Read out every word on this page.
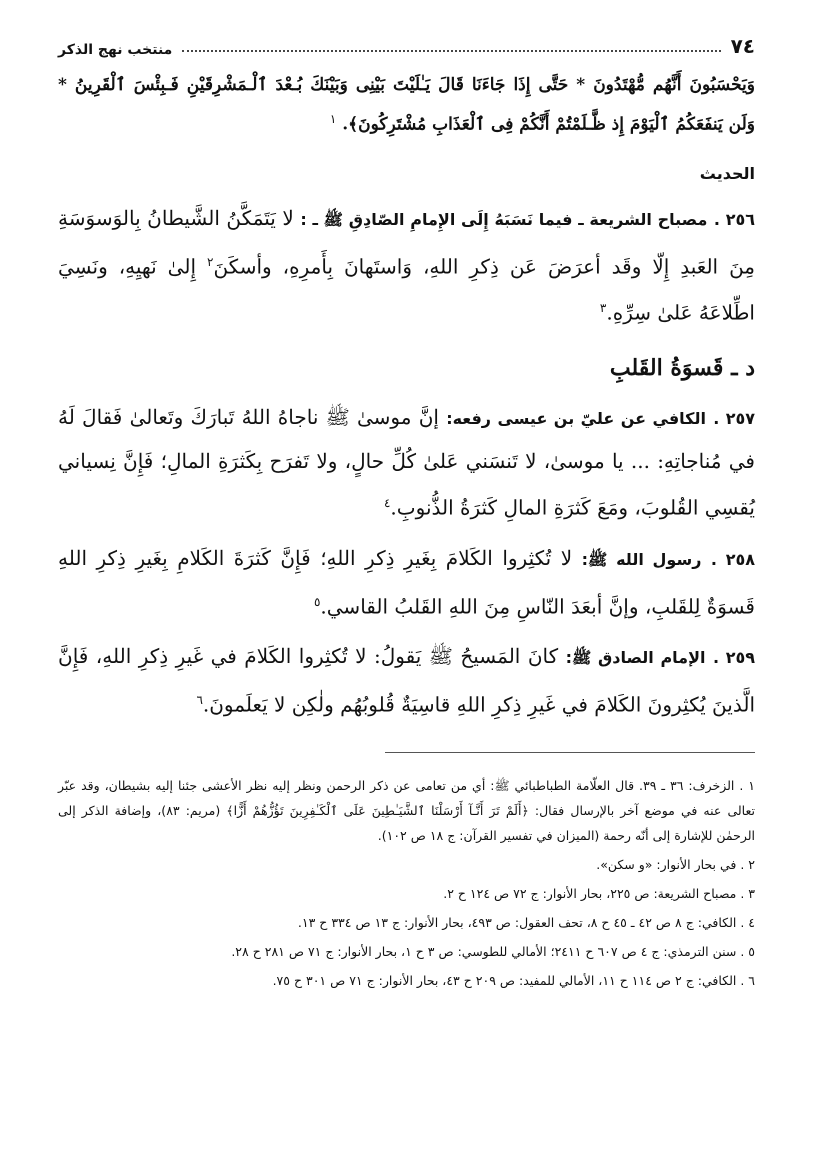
٧٤
منتخب نهج الذكر

وَيَحْسَبُونَ أَنَّهُم مُّهْتَدُونَ * حَتَّى إِذَا جَاءَنَا قَالَ يَـٰلَيْتَ بَيْنِى وَبَيْنَكَ بُـعْدَ ٱلْـمَشْرِقَيْنِ فَـبِئْسَ ٱلْقَرِينُ * وَلَن يَنفَعَكُمُ ٱلْيَوْمَ إِذ ظَّـلَمْتُمْ أَنَّكُمْ فِى ٱلْعَذَابِ مُشْتَرِكُونَ﴾. $^١$

الحديث

٢٥٦ . مصباح الشريعة ـ فيما نَسَبَهُ إِلَى الإِمامِ الصّادِقِ ﷺ ـ : لا يَتَمَكَّنُ الشَّيطانُ بِالوَسوَسَةِ مِنَ العَبدِ إِلّا وقَد أعرَضَ عَن ذِكرِ اللهِ، وَاستَهانَ بِأَمرِهِ، وأسكَنَ$^٢$ إِلىٰ نَهيِهِ، ونَسِيَ اطِّلاعَهُ عَلىٰ سِرِّهِ.$^٣$

د ـ قَسوَةُ القَلبِ

٢٥٧ . الكافي عن عليّ بن عيسى رفعه: إنَّ موسىٰ ﷺ ناجاهُ اللهُ تَبارَكَ وتَعالىٰ فَقالَ لَهُ في مُناجاتِهِ: ... يا موسىٰ، لا تَنسَني عَلىٰ كُلِّ حالٍ، ولا تَفرَح بِكَثرَةِ المالِ؛ فَإِنَّ نِسياني يُقسِي القُلوبَ، ومَعَ كَثرَةِ المالِ كَثرَةُ الذُّنوبِ.$^٤$

٢٥٨ . رسول الله ﷺ: لا تُكثِروا الكَلامَ بِغَيرِ ذِكرِ اللهِ؛ فَإِنَّ كَثرَةَ الكَلامِ بِغَيرِ ذِكرِ اللهِ قَسوَةٌ لِلقَلبِ، وإنَّ أبعَدَ النّاسِ مِنَ اللهِ القَلبُ القاسي.$^٥$

٢٥٩ . الإمام الصادق ﷺ: كانَ المَسيحُ ﷺ يَقولُ: لا تُكثِروا الكَلامَ في غَيرِ ذِكرِ اللهِ، فَإِنَّ الَّذينَ يُكثِرونَ الكَلامَ في غَيرِ ذِكرِ اللهِ قاسِيَةٌ قُلوبُهُم ولٰكِن لا يَعلَمونَ.$^٦$

١ . الزخرف: ٣٦ ـ ٣٩. قال العلّامة الطباطبائي ﷺ: أي من تعامى عن ذكر الرحمن ونظر إليه نظر الأعشى جئنا إليه بشيطان، وقد عبّر تعالى عنه في موضع آخر بالإرسال فقال: ﴿أَلَمْ تَرَ أَنَّـآ أَرْسَلْنَا ٱلشَّيَـٰطِينَ عَلَى ٱلْكَـٰفِرِينَ تَؤُزُّهُمْ أَزًّا﴾ (مريم: ٨٣)، وإضافة الذكر إلى الرحمٰن للإشارة إلى أنّه رحمة (الميزان في تفسير القرآن: ج ١٨ ص ١٠٢).

٢ . في بحار الأنوار: «و سكن».

٣ . مصباح الشريعة: ص ٢٢٥، بحار الأنوار: ج ٧٢ ص ١٢٤ ح ٢.

٤ . الكافي: ج ٨ ص ٤٢ ـ ٤٥ ح ٨، تحف العقول: ص ٤٩٣، بحار الأنوار: ج ١٣ ص ٣٣٤ ح ١٣.

٥ . سنن الترمذي: ج ٤ ص ٦٠٧ ح ٢٤١١؛ الأمالي للطوسي: ص ٣ ح ١، بحار الأنوار: ج ٧١ ص ٢٨١ ح ٢٨.

٦ . الكافي: ج ٢ ص ١١٤ ح ١١، الأمالي للمفيد: ص ٢٠٩ ح ٤٣، بحار الأنوار: ج ٧١ ص ٣٠١ ح ٧٥.
